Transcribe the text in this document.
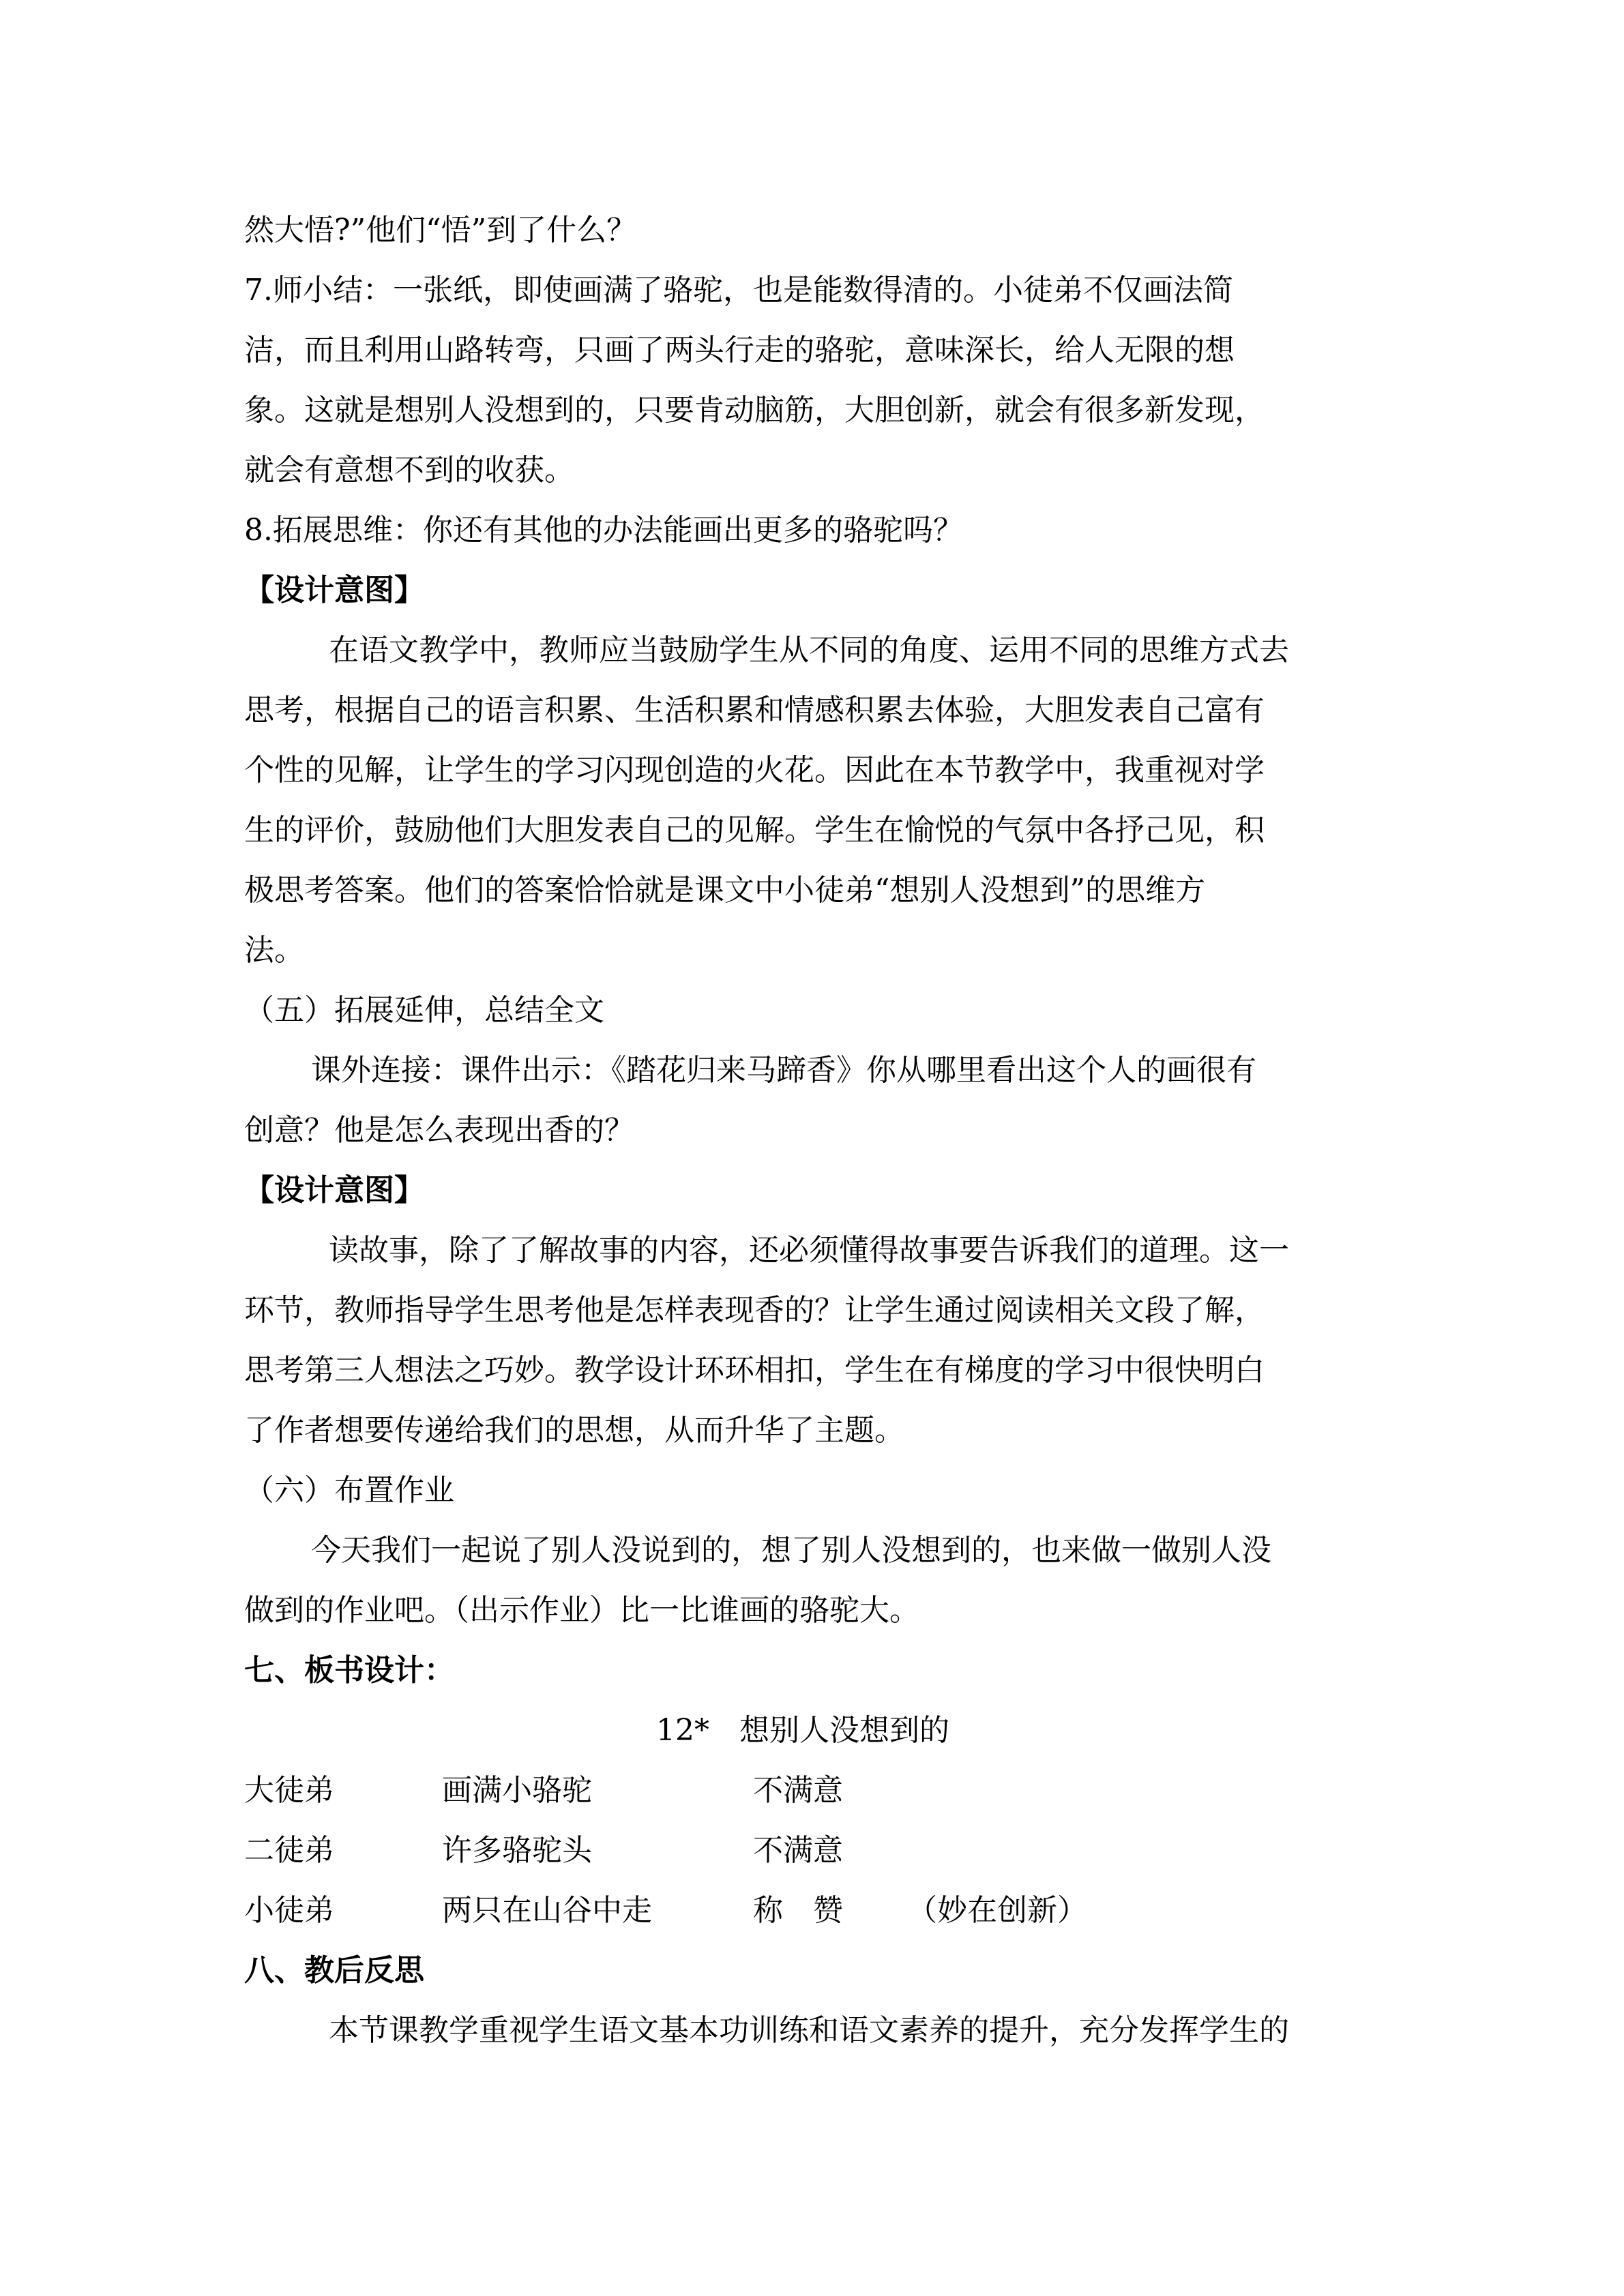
然大悟?”他们“悟”到了什么？
7.师小结：一张纸，即使画满了骆驼，也是能数得清的。小徒弟不仅画法简
洁，而且利用山路转弯，只画了两头行走的骆驼，意味深长，给人无限的想
象。这就是想别人没想到的，只要肯动脑筋，大胆创新，就会有很多新发现，
就会有意想不到的收获。
8.拓展思维：你还有其他的办法能画出更多的骆驼吗？
【设计意图】
在语文教学中，教师应当鼓励学生从不同的角度、运用不同的思维方式去
思考，根据自己的语言积累、生活积累和情感积累去体验，大胆发表自己富有
个性的见解，让学生的学习闪现创造的火花。因此在本节教学中，我重视对学
生的评价，鼓励他们大胆发表自己的见解。学生在愉悦的气氛中各抒己见，积
极思考答案。他们的答案恰恰就是课文中小徒弟“想别人没想到”的思维方
法。
（五）拓展延伸，总结全文
课外连接：课件出示：《踏花归来马蹄香》你从哪里看出这个人的画很有
创意？他是怎么表现出香的？
【设计意图】
读故事，除了了解故事的内容，还必须懂得故事要告诉我们的道理。这一
环节，教师指导学生思考他是怎样表现香的？让学生通过阅读相关文段了解，
思考第三人想法之巧妙。教学设计环环相扣，学生在有梯度的学习中很快明白
了作者想要传递给我们的思想，从而升华了主题。
（六）布置作业
今天我们一起说了别人没说到的，想了别人没想到的，也来做一做别人没
做到的作业吧。（出示作业）比一比谁画的骆驼大。
七、板书设计：
12*　想别人没想到的
大徒弟	画满小骆驼	不满意
二徒弟	许多骆驼头	不满意
小徒弟	两只在山谷中走	称　赞 （妙在创新）
八、教后反思
本节课教学重视学生语文基本功训练和语文素养的提升，充分发挥学生的
